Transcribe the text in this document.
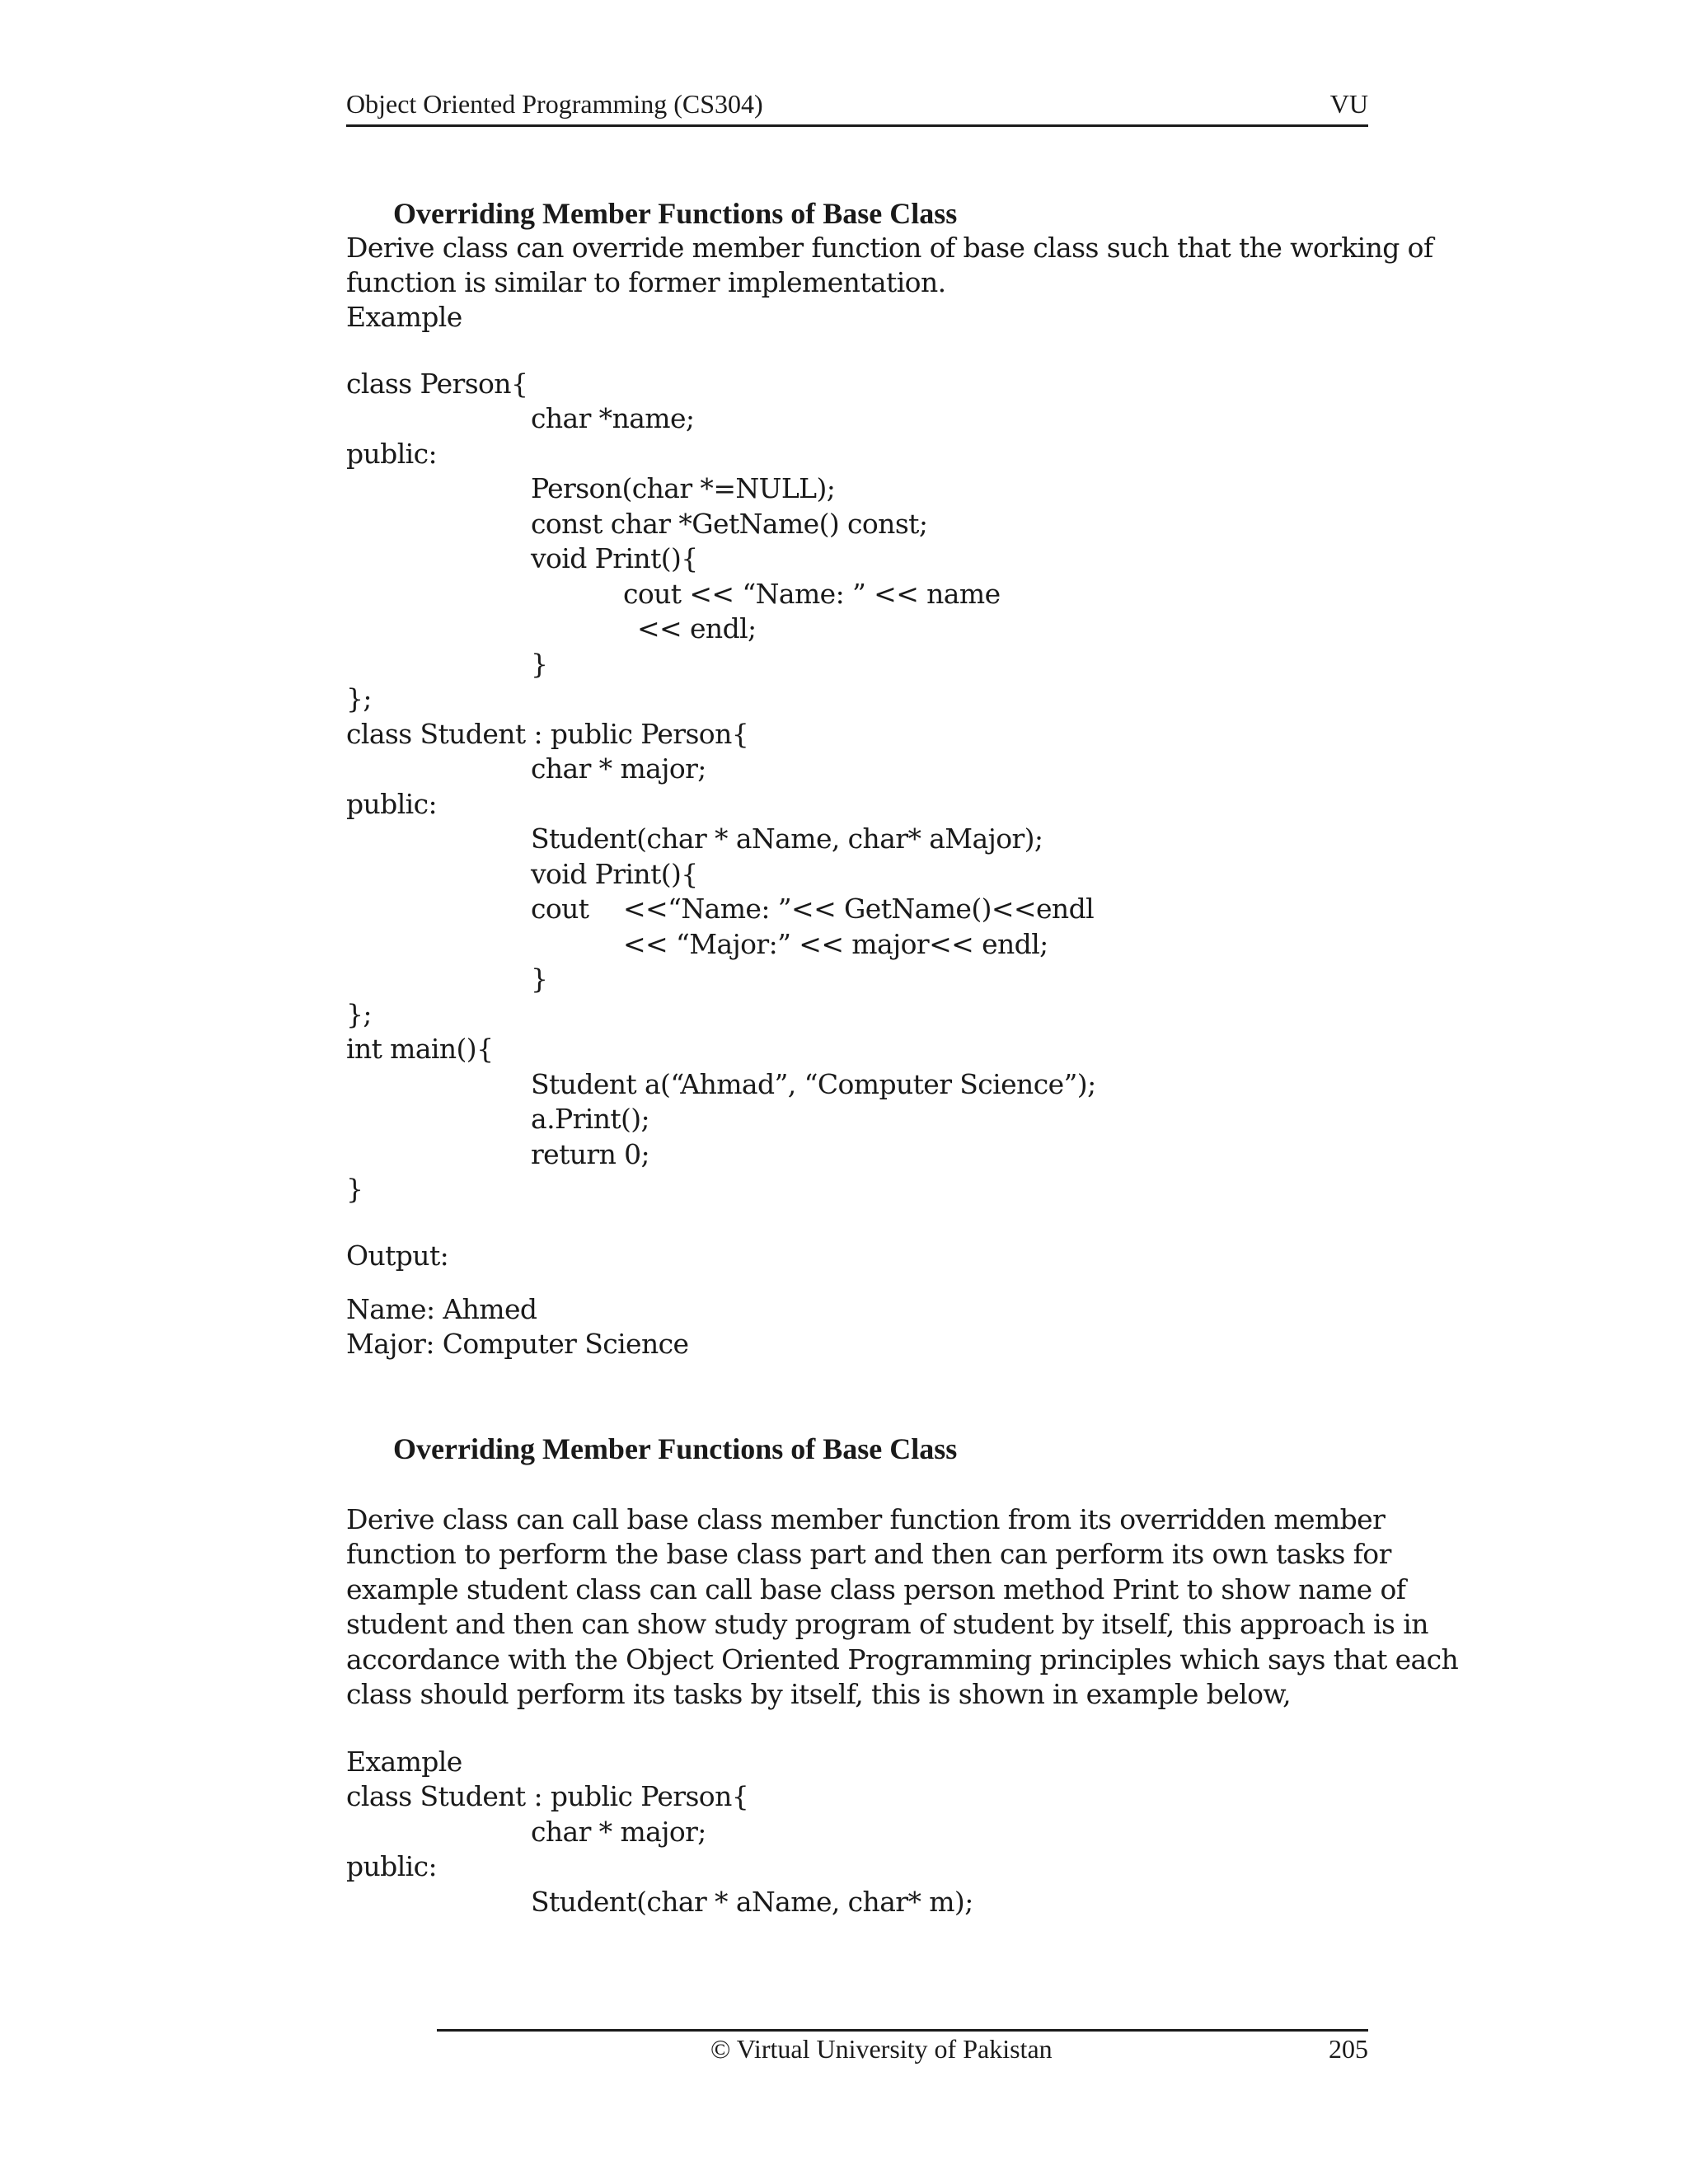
Object Oriented Programming (CS304)	VU
Overriding Member Functions of Base Class
Derive class can override member function of base class such that the working of
function is similar to former implementation.
Example
class Person{
char *name;
public:
Person(char *=NULL);
const char *GetName() const;
void Print(){
cout << “Name: ” << name
<< endl;
}
};
class Student : public Person{
char * major;
public:
Student(char * aName, char* aMajor);
void Print(){
cout <<“Name: ”<< GetName()<<endl
<< “Major:” << major<< endl;
}
};
int main(){
Student a(“Ahmad”, “Computer Science”);
a.Print();
return 0;
}
Output:
Name: Ahmed
Major: Computer Science
Overriding Member Functions of Base Class
Derive class can call base class member function from its overridden member
function to perform the base class part and then can perform its own tasks for
example student class can call base class person method Print to show name of
student and then can show study program of student by itself, this approach is in
accordance with the Object Oriented Programming principles which says that each
class should perform its tasks by itself, this is shown in example below,
Example
class Student : public Person{
char * major;
public:
Student(char * aName, char* m);
© Virtual University of Pakistan	205
